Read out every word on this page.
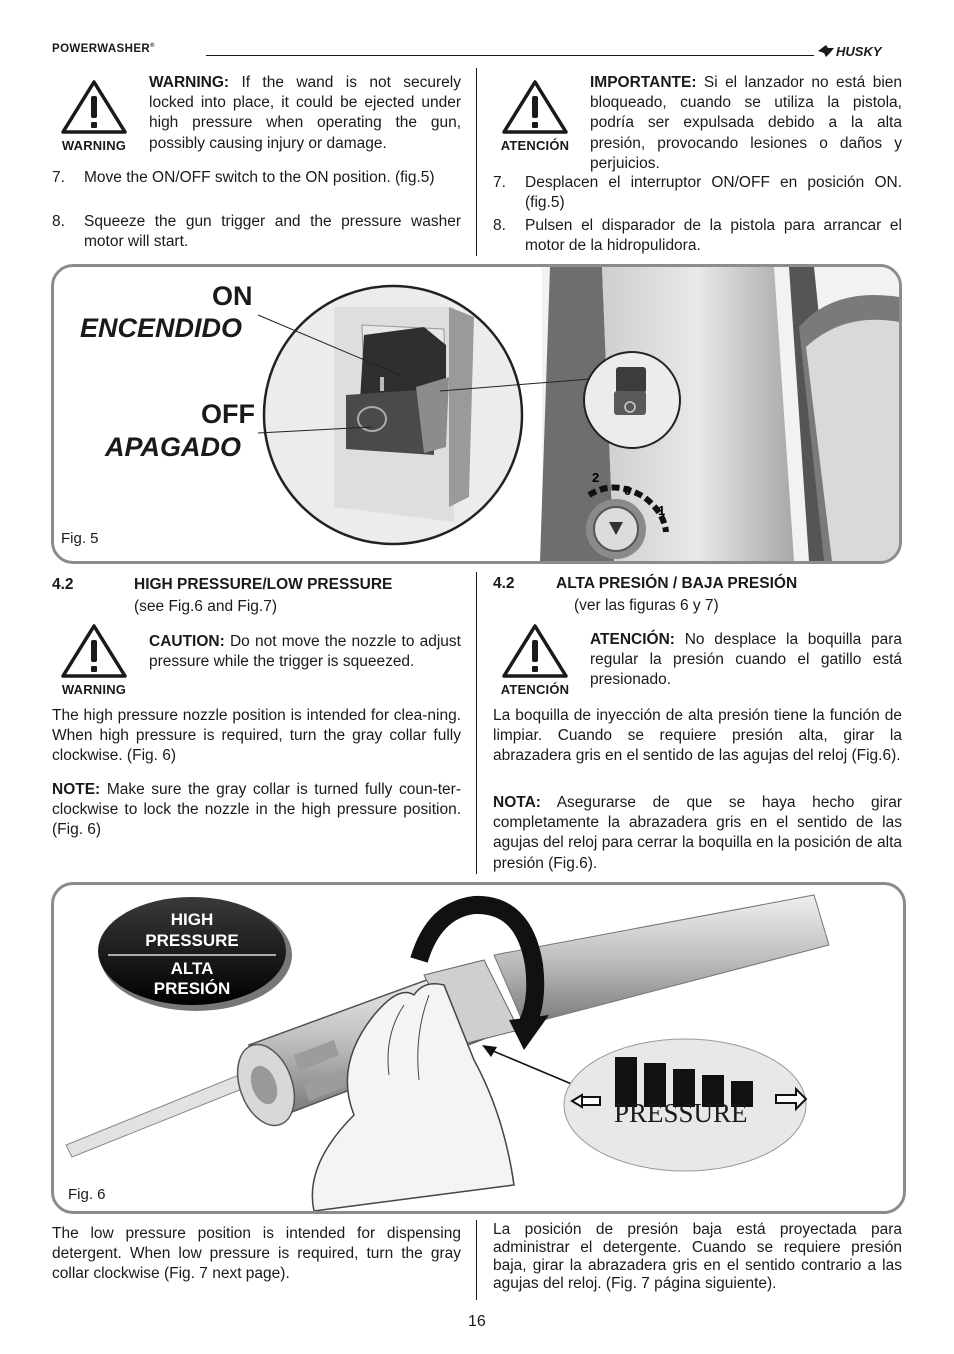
POWERWASHER®	HUSKY
WARNING
WARNING: If the wand is not securely locked into place, it could be ejected under high pressure when operating the gun, possibly causing injury or damage.
7.	Move the ON/OFF switch to the ON position. (fig.5)
8.	Squeeze the gun trigger and the pressure washer motor will start.
ATENCIÓN
IMPORTANTE: Si el lanzador no está bien bloqueado, cuando se utiliza la pistola, podría ser expulsada debido a la alta presión, provocando lesiones o daños y perjuicios.
7.	Desplacen el interruptor ON/OFF en posición ON. (fig.5)
8.	Pulsen el disparador de la pistola para arrancar el motor de la hidropulidora.
2
0
1
ON
ENCENDIDO
OFF
APAGADO
Fig. 5
4.2	HIGH PRESSURE/LOW PRESSURE
(see Fig.6 and Fig.7)
WARNING
CAUTION: Do not move the nozzle to adjust pressure while the trigger is squeezed.
The high pressure nozzle position is intended for clea-ning. When high pressure is required, turn the gray collar fully clockwise. (Fig. 6)
NOTE: Make sure the gray collar is turned fully coun-ter-clockwise to lock the nozzle in the high pressure position. (Fig. 6)
4.2	ALTA PRESIÓN / BAJA PRESIÓN
(ver las figuras 6 y 7)
ATENCIÓN
ATENCIÓN: No desplace la boquilla para regular la presión cuando el gatillo está presionado.
La boquilla de inyección de alta presión tiene la función de limpiar. Cuando se requiere presión alta, girar la abrazadera gris en el sentido de las agujas del reloj (Fig.6).
NOTA: Asegurarse de que se haya hecho girar completamente la abrazadera gris en el sentido de las agujas del reloj para cerrar la boquilla en la posición de alta presión (Fig.6).
HIGH
PRESSURE
ALTA
PRESIÓN
PRESSURE
Fig. 6
The low pressure position is intended for dispensing detergent. When low pressure is required, turn the gray collar clockwise (Fig. 7 next page).
La posición de presión baja está proyectada para administrar el detergente. Cuando se requiere presión baja, girar la abrazadera gris en el sentido contrario a las agujas del reloj. (Fig. 7 página siguiente).
16
